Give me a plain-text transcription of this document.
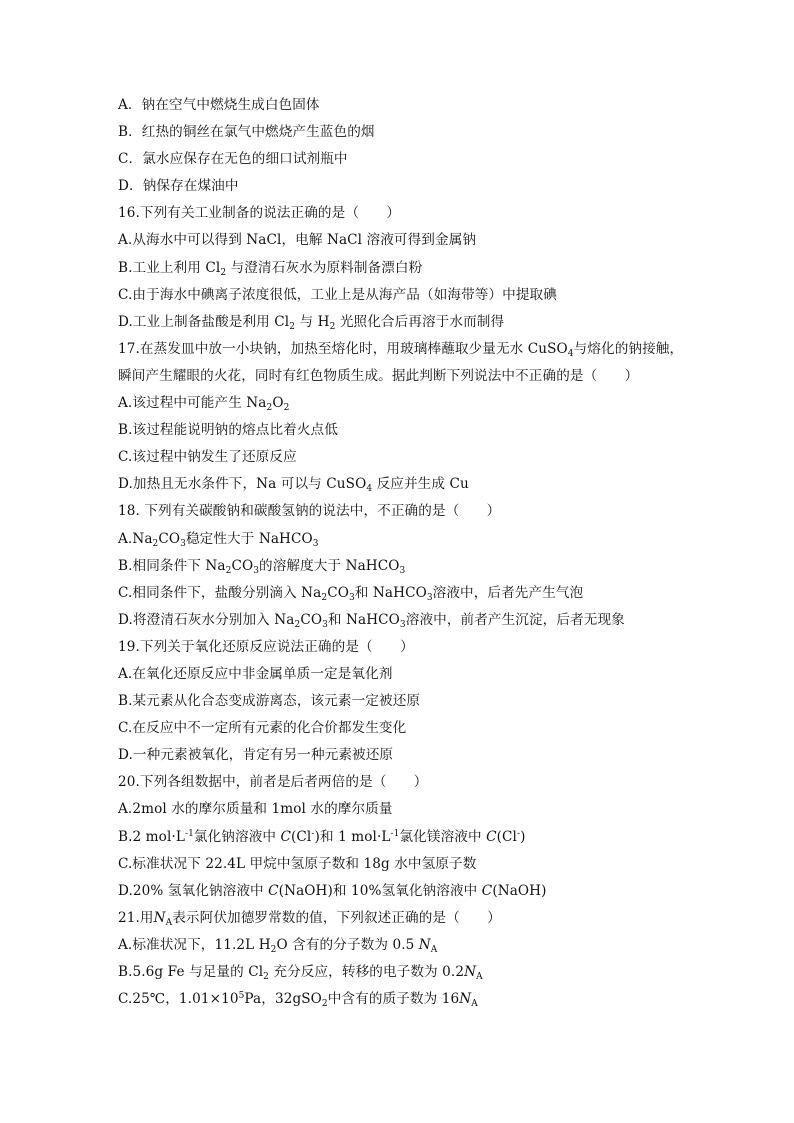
A．钠在空气中燃烧生成白色固体
B．红热的铜丝在氯气中燃烧产生蓝色的烟
C．氯水应保存在无色的细口试剂瓶中
D．钠保存在煤油中
16.下列有关工业制备的说法正确的是（　　）
A.从海水中可以得到 NaCl，电解 NaCl 溶液可得到金属钠
B.工业上利用 $Cl_2$ 与澄清石灰水为原料制备漂白粉
C.由于海水中碘离子浓度很低，工业上是从海产品（如海带等）中提取碘
D.工业上制备盐酸是利用 $Cl_2$ 与 $H_2$ 光照化合后再溶于水而制得
17.在蒸发皿中放一小块钠，加热至熔化时，用玻璃棒蘸取少量无水 CuSO$_4$与熔化的钠接触，
瞬间产生耀眼的火花，同时有红色物质生成。据此判断下列说法中不正确的是（　　）
A.该过程中可能产生 $Na_2O_2$
B.该过程能说明钠的熔点比着火点低
C.该过程中钠发生了还原反应
D.加热且无水条件下，Na 可以与 CuSO$_4$ 反应并生成 Cu
18. 下列有关碳酸钠和碳酸氢钠的说法中，不正确的是（　　）
$A.Na_2CO_3$稳定性大于 NaHCO$_3$
B.相同条件下 $Na_2CO_3$的溶解度大于 NaHCO$_3$
C.相同条件下，盐酸分别滴入 $Na_2CO_3$和 NaHCO$_3$溶液中，后者先产生气泡
D.将澄清石灰水分别加入 $Na_2CO_3$和 NaHCO$_3$溶液中，前者产生沉淀，后者无现象
19.下列关于氧化还原反应说法正确的是（　　）
A.在氧化还原反应中非金属单质一定是氧化剂
B.某元素从化合态变成游离态，该元素一定被还原
C.在反应中不一定所有元素的化合价都发生变化
D.一种元素被氧化，肯定有另一种元素被还原
20.下列各组数据中，前者是后者两倍的是（　　）
A.2mol 水的摩尔质量和 1mol 水的摩尔质量
B.2 $mol\cdot L^{-1}$氯化钠溶液中 C(Cl-)和 1 $mol\cdot L^{-1}$氯化镁溶液中 C(Cl-)
C.标准状况下 22.4L 甲烷中氢原子数和 18g 水中氢原子数
D.20% 氢氧化钠溶液中 C(NaOH)和 10%氢氧化钠溶液中 C(NaOH)
21.用$N_A$表示阿伏加德罗常数的值，下列叙述正确的是（　　）
A.标准状况下，11.2L $H_2O$ 含有的分子数为 0.5 $N_A$
B.5.6g Fe 与足量的 $Cl_2$ 充分反应，转移的电子数为 $0.2N_A$
C.25℃，$1.01\times 10^5Pa$，32gSO$_2$中含有的质子数为 $16N_A$
